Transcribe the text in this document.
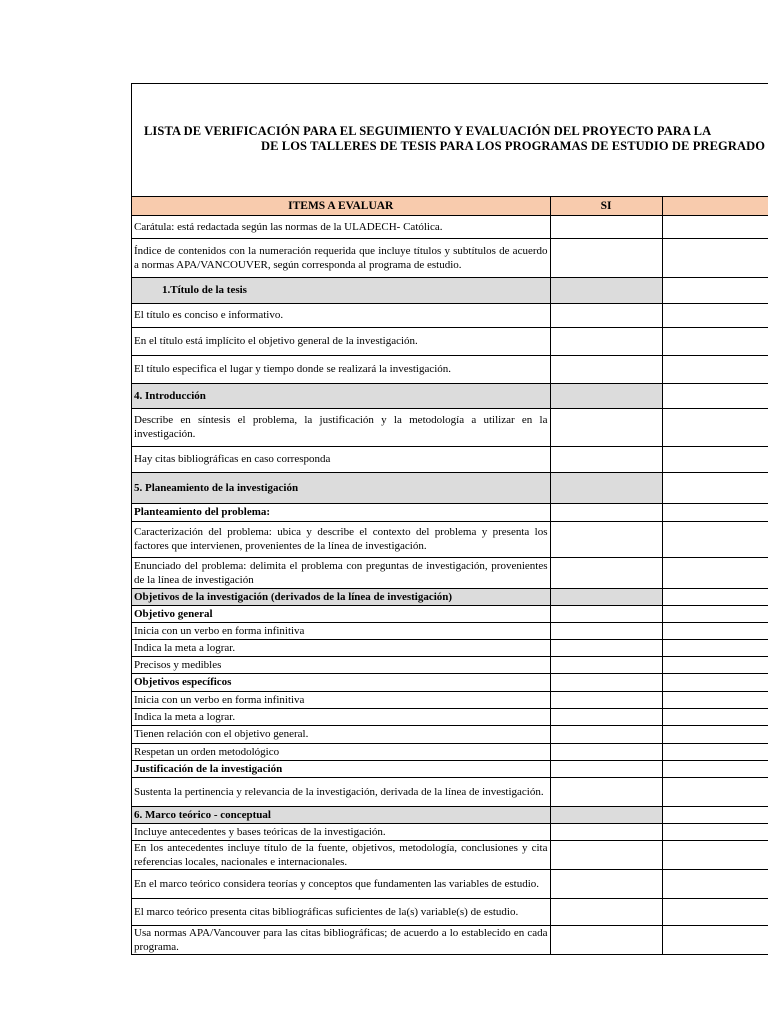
LISTA DE VERIFICACIÓN PARA EL SEGUIMIENTO Y EVALUACIÓN DEL PROYECTO PARA LA
DE LOS TALLERES DE TESIS PARA LOS PROGRAMAS DE ESTUDIO DE PREGRADO
ITEMS A EVALUAR	SI	
Carátula: está redactada según las normas de la ULADECH- Católica.		
Índice de contenidos con la numeración requerida que incluye títulos y subtítulos de acuerdo a normas APA/VANCOUVER, según corresponda al programa de estudio.		
1.Título de la tesis		
El título es conciso e informativo.		
En el título está implícito el objetivo general de la investigación.		
El título especifica el lugar y tiempo donde se realizará la investigación.		
4. Introducción		
Describe en síntesis el problema, la justificación y la metodología a utilizar en la investigación.		
Hay citas bibliográficas en caso corresponda		
5. Planeamiento de la investigación		
Planteamiento del problema:		
Caracterización del problema: ubica y describe el contexto del problema y presenta los factores que intervienen, provenientes de la línea de investigación.		
Enunciado del problema: delimita el problema con preguntas de investigación, provenientes de la línea de investigación		
Objetivos de la investigación (derivados de la línea de investigación)		
Objetivo general		
Inicia con un verbo en forma infinitiva		
Indica la meta a lograr.		
Precisos y medibles		
Objetivos específicos		
Inicia con un verbo en forma infinitiva		
Indica la meta a lograr.		
Tienen relación con el objetivo general.		
Respetan un orden metodológico		
Justificación de la investigación		
Sustenta la pertinencia y relevancia de la investigación, derivada de la línea de investigación.		
6. Marco teórico - conceptual		
Incluye antecedentes y bases teóricas de la investigación.		
En los antecedentes incluye título de la fuente, objetivos, metodología, conclusiones y cita referencias locales, nacionales e internacionales.		
En el marco teórico considera teorías y conceptos que fundamenten las variables de estudio.		
El marco teórico presenta citas bibliográficas suficientes de la(s) variable(s) de estudio.		
Usa normas APA/Vancouver para las citas bibliográficas; de acuerdo a lo establecido en cada programa.		
